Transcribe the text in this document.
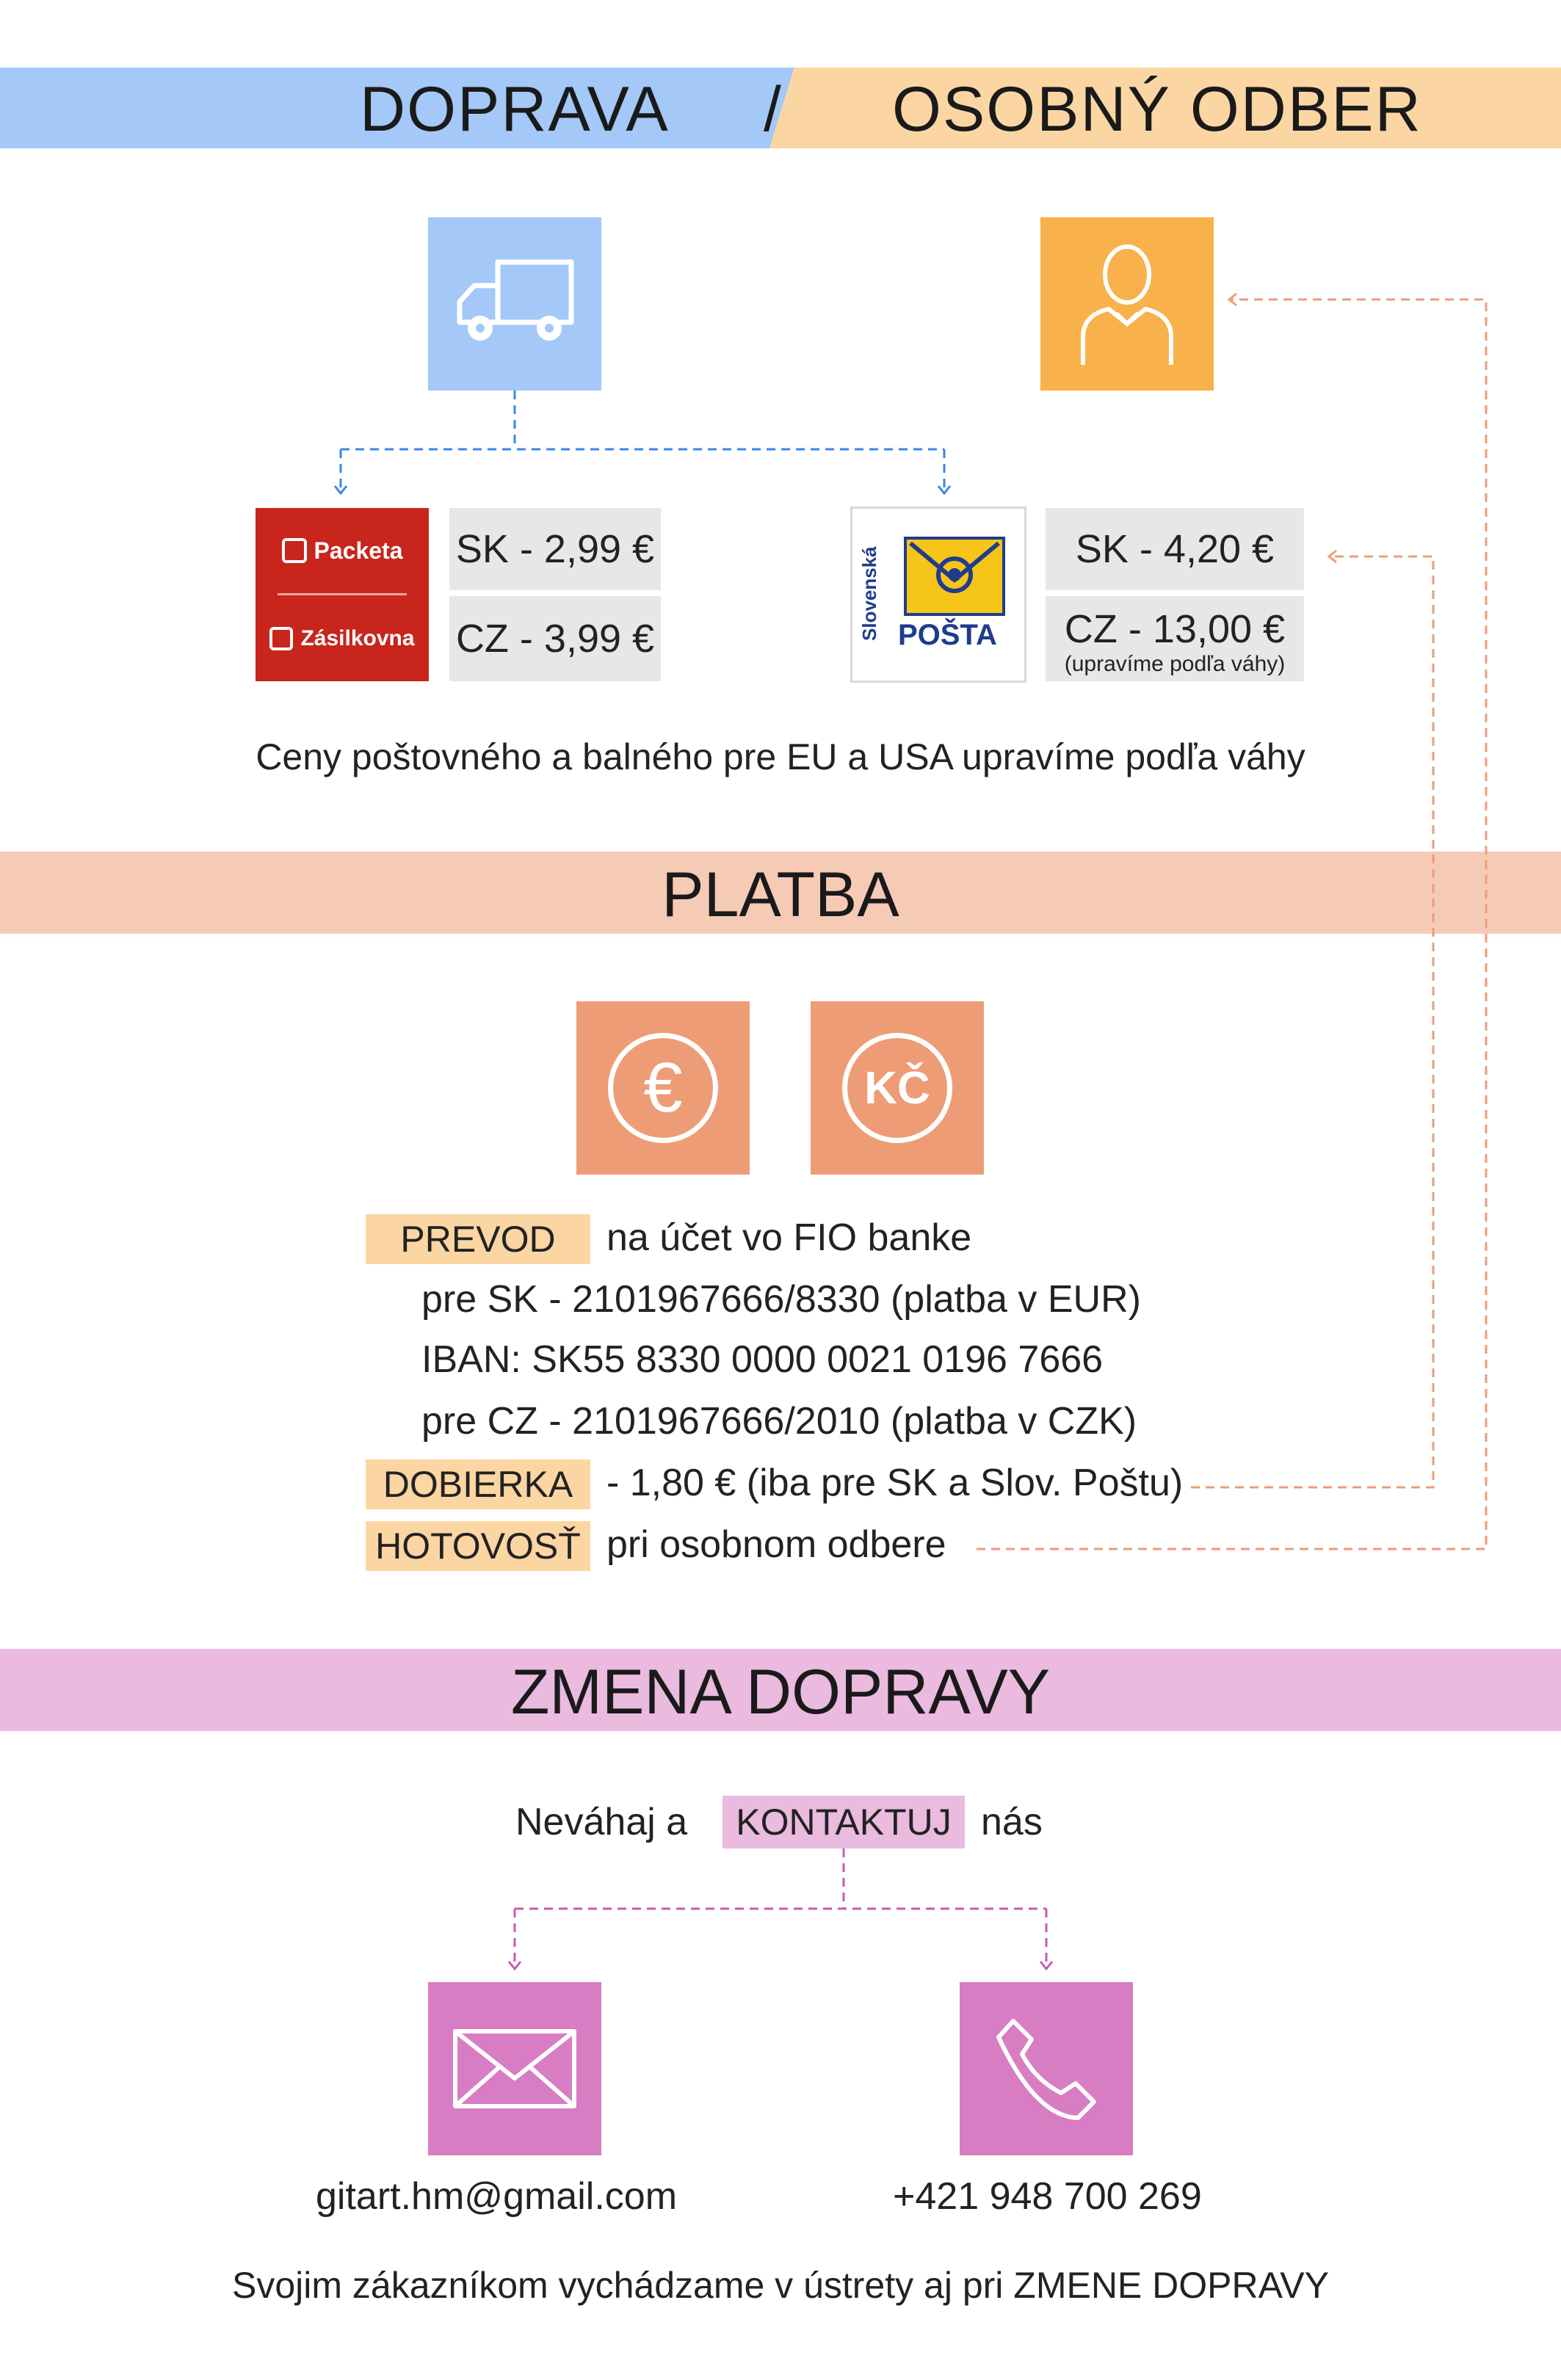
DOPRAVA / OSOBNÝ ODBER
Packeta
Zásilkovna
SK - 2,99 €
CZ - 3,99 €	Slovenská POŠTA
SK - 4,20 €
CZ - 13,00 €
(upravíme podľa váhy)
Ceny poštovného a balného pre EU a USA upravíme podľa váhy
PLATBA
€	KČ
PREVOD	na účet vo FIO banke
pre SK - 2101967666/8330 (platba v EUR)
IBAN: SK55 8330 0000 0021 0196 7666
pre CZ - 2101967666/2010 (platba v CZK)
DOBIERKA - 1,80 € (iba pre SK a Slov. Poštu)
HOTOVOSŤ pri osobnom odbere
ZMENA DOPRAVY
Neváhaj a	KONTAKTUJ nás
gitart.hm@gmail.com	+421 948 700 269
Svojim zákazníkom vychádzame v ústrety aj pri ZMENE DOPRAVY
